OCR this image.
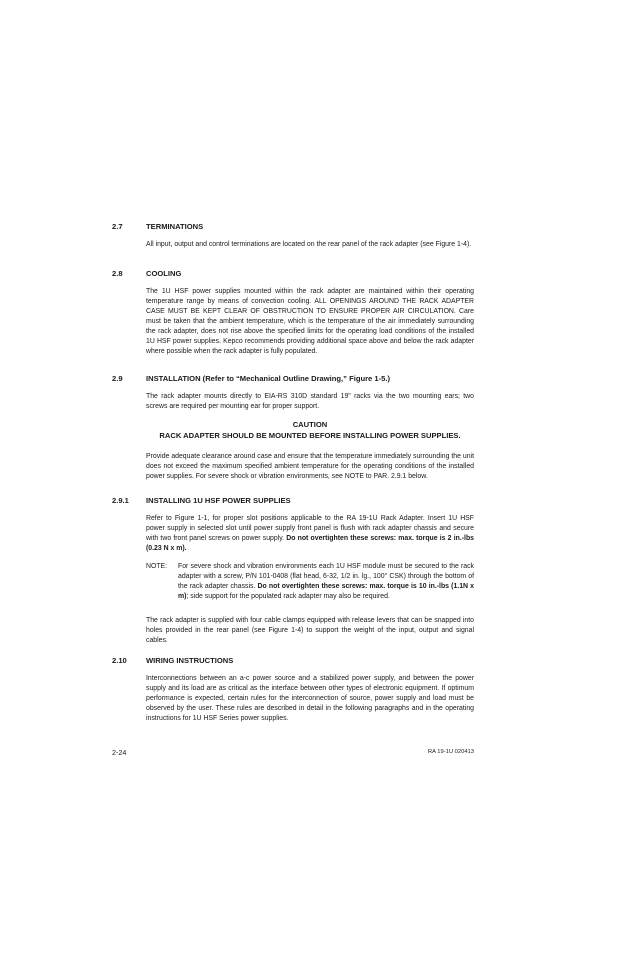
2.7	TERMINATIONS
All input, output and control terminations are located on the rear panel of the rack adapter (see Figure 1-4).
2.8	COOLING
The 1U HSF power supplies mounted within the rack adapter are maintained within their operating temperature range by means of convection cooling. ALL OPENINGS AROUND THE RACK ADAPTER CASE MUST BE KEPT CLEAR OF OBSTRUCTION TO ENSURE PROPER AIR CIRCULATION. Care must be taken that the ambient temperature, which is the temperature of the air immediately surrounding the rack adapter, does not rise above the specified limits for the operating load conditions of the installed 1U HSF power supplies. Kepco recommends providing additional space above and below the rack adapter where possible when the rack adapter is fully populated.
2.9	INSTALLATION (Refer to “Mechanical Outline Drawing,” Figure 1-5.)
The rack adapter mounts directly to EIA-RS 310D standard 19" racks via the two mounting ears; two screws are required per mounting ear for proper support.
CAUTION
RACK ADAPTER SHOULD BE MOUNTED BEFORE INSTALLING POWER SUPPLIES.
Provide adequate clearance around case and ensure that the temperature immediately surrounding the unit does not exceed the maximum specified ambient temperature for the operating conditions of the installed power supplies. For severe shock or vibration environments, see NOTE to PAR. 2.9.1 below.
2.9.1 INSTALLING 1U HSF POWER SUPPLIES
Refer to Figure 1-1, for proper slot positions applicable to the RA 19-1U Rack Adapter. Insert 1U HSF power supply in selected slot until power supply front panel is flush with rack adapter chassis and secure with two front panel screws on power supply. Do not overtighten these screws: max. torque is 2 in.-lbs (0.23 N x m).
NOTE: For severe shock and vibration environments each 1U HSF module must be secured to the rack adapter with a screw, P/N 101-0408 (flat head, 6-32, 1/2 in. lg., 100° CSK) through the bottom of the rack adapter chassis. Do not overtighten these screws: max. torque is 10 in.-lbs (1.1N x m); side support for the populated rack adapter may also be required.
The rack adapter is supplied with four cable clamps equipped with release levers that can be snapped into holes provided in the rear panel (see Figure 1-4) to support the weight of the input, output and signal cables.
2.10	WIRING INSTRUCTIONS
Interconnections between an a-c power source and a stabilized power supply, and between the power supply and its load are as critical as the interface between other types of electronic equipment. If optimum performance is expected, certain rules for the interconnection of source, power supply and load must be observed by the user. These rules are described in detail in the following paragraphs and in the operating instructions for 1U HSF Series power supplies.
2-24	RA 19-1U 020413
